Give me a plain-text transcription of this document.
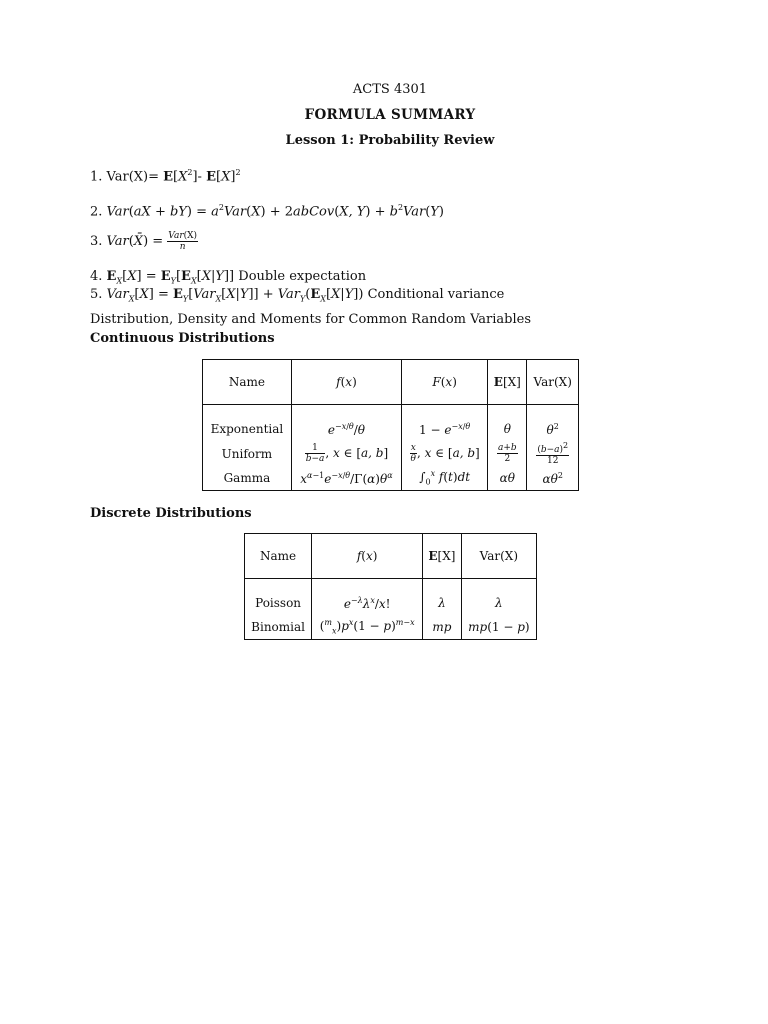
ACTS 4301
FORMULA SUMMARY
Lesson 1: Probability Review
1. $Var(X)= E[X^2]-$ $E[X]^2$
2. $Var(aX + bY) = a^2Var(X)$ + 2abCov(X, $Y) + b^2Var(Y)$
3. Var(X̄) = $\frac{\text{Var(X)}}{n}$
4. $E_X[X] = E_Y[E_X[X|Y]]$ Double expectation
5. $Var_X[X] = E_Y[Var_X[X|Y]] + Var_Y(E_X[X|Y])$ Conditional variance
Distribution, Density and Moments for Common Random Variables
Continuous Distributions
Name	f(x)	F(x)	E[X]	Var(X)
Exponential	$e^{-x/\theta}/\theta$	$1 - e^{-x/\theta}$	θ	$\theta^2$
Uniform	$\frac{1}{b-a}$ , x ∈ [a, b]	$\frac{x}{\theta}$ , x ∈ [a, b]	$\frac{a+b}{2}$	$\frac{(b-a)^2}{12}$

Gamma	$x^{\alpha-1}e^{-x/\theta}/\Gamma(\alpha)\theta^\alpha$	$\int_0^x$ f(t)dt	αθ	$\alpha\theta^2$
Discrete Distributions
Name	f(x)	E[X]	Var(X)
Poisson	$e^{-\lambda}\lambda^x/x$!	λ	λ
Binomial	$(^m_x)p^x(1 - p)^{m-x}$	mp	mp(1 − p)
